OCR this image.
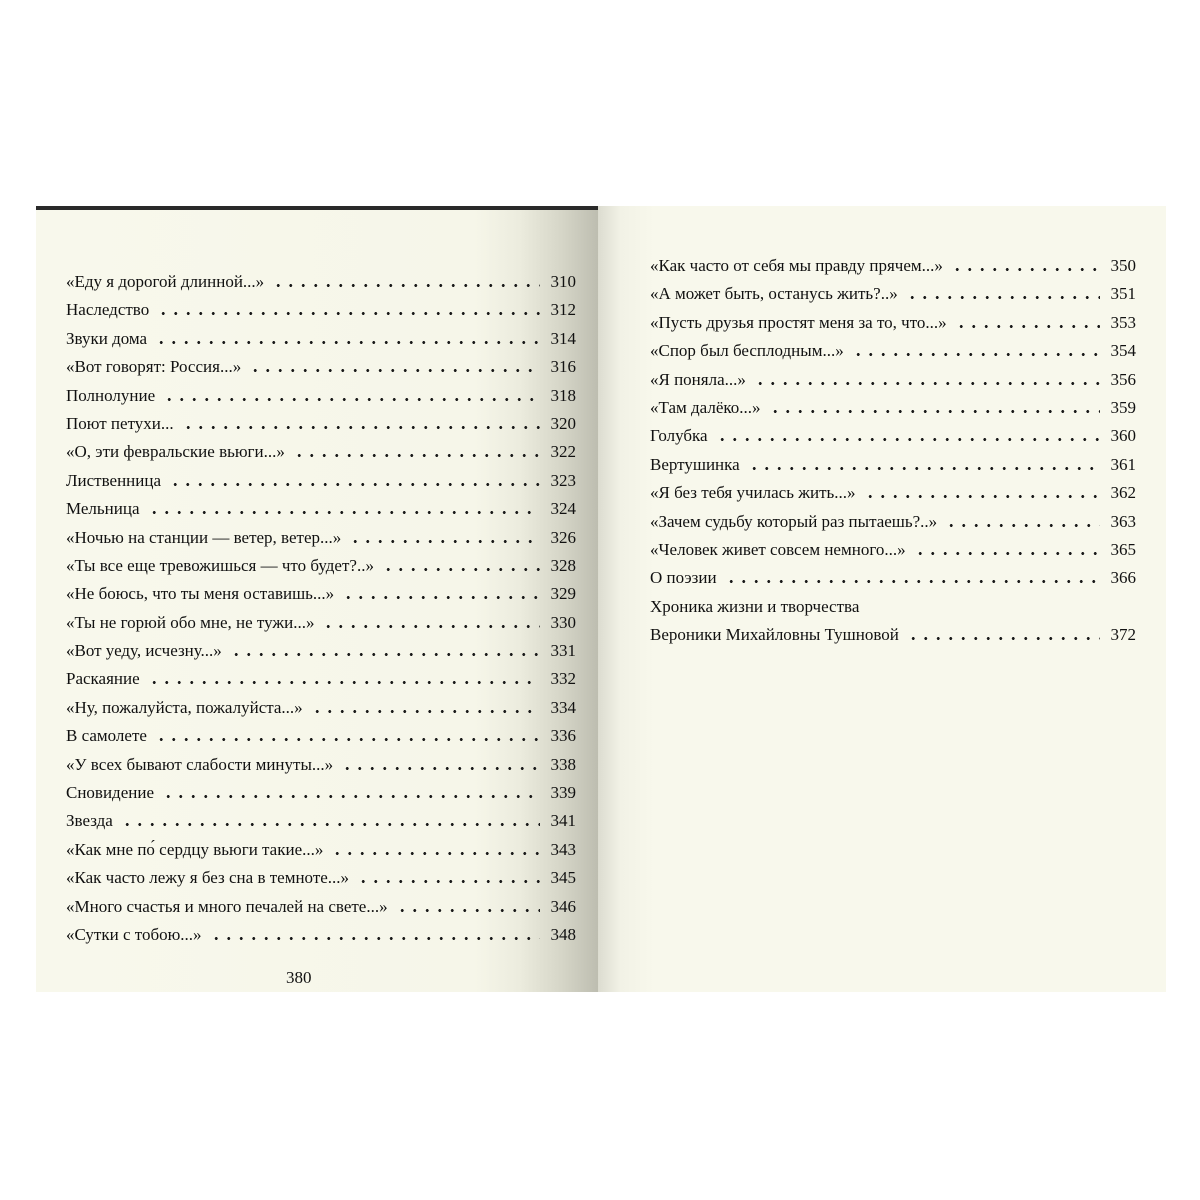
«Еду я дорогой длинной...»	310
Наследство	312
Звуки дома	314
«Вот говорят: Россия...»	316
Полнолуние	318
Поют петухи...	320
«О, эти февральские вьюги...»	322
Лиственница	323
Мельница	324
«Ночью на станции — ветер, ветер...»	326
«Ты все еще тревожишься — что будет?..»	328
«Не боюсь, что ты меня оставишь...»	329
«Ты не горюй обо мне, не тужи...»	330
«Вот уеду, исчезну...»	331
Раскаяние	332
«Ну, пожалуйста, пожалуйста...»	334
В самолете	336
«У всех бывают слабости минуты...»	338
Сновидение	339
Звезда	341
«Как мне по́ сердцу вьюги такие...»	343
«Как часто лежу я без сна в темноте...»	345
«Много счастья и много печалей на свете...»	346
«Сутки с тобою...»	348
380
«Как часто от себя мы правду прячем...»	350
«А может быть, останусь жить?..»	351
«Пусть друзья простят меня за то, что...»	353
«Спор был бесплодным...»	354
«Я поняла...»	356
«Там далёко...»	359
Голубка	360
Вертушинка	361
«Я без тебя училась жить...»	362
«Зачем судьбу который раз пытаешь?..»	363
«Человек живет совсем немного...»	365
О поэзии	366
Хроника жизни и творчества
Вероники Михайловны Тушновой	372
